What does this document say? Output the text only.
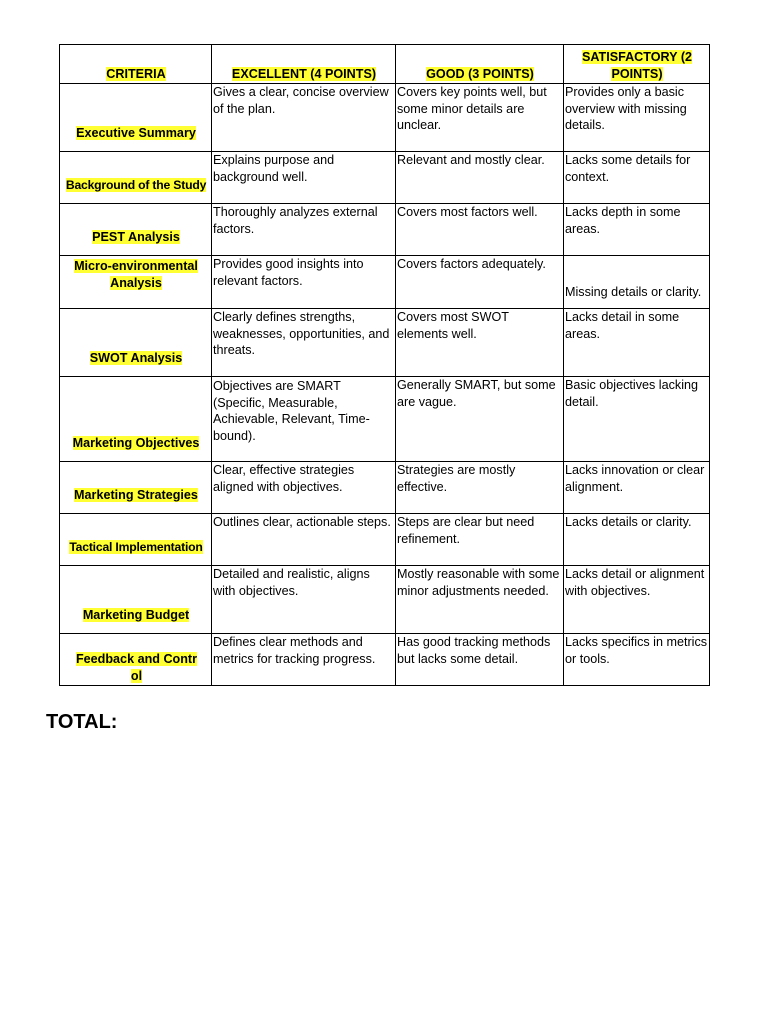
CRITERIA	EXCELLENT (4 POINTS)	GOOD (3 POINTS)	SATISFACTORY (2 POINTS)
Executive Summary	Gives a clear, concise overview of the plan.	Covers key points well, but some minor details are unclear.	Provides only a basic overview with missing details.
Background of the Study	Explains purpose and background well.	Relevant and mostly clear.	Lacks some details for context.
PEST Analysis	Thoroughly analyzes external factors.	Covers most factors well.	Lacks depth in some areas.
Micro-environmental Analysis	Provides good insights into relevant factors.	Covers factors adequately.	Missing details or clarity.
SWOT Analysis	Clearly defines strengths, weaknesses, opportunities, and threats.	Covers most SWOT elements well.	Lacks detail in some areas.
Marketing Objectives	Objectives are SMART (Specific, Measurable, Achievable, Relevant, Time-bound).	Generally SMART, but some are vague.	Basic objectives lacking detail.
Marketing Strategies	Clear, effective strategies aligned with objectives.	Strategies are mostly effective.	Lacks innovation or clear alignment.
Tactical Implementation	Outlines clear, actionable steps.	Steps are clear but need refinement.	Lacks details or clarity.
Marketing Budget	Detailed and realistic, aligns with objectives.	Mostly reasonable with some minor adjustments needed.	Lacks detail or alignment with objectives.
Feedback and Control	Defines clear methods and metrics for tracking progress.	Has good tracking methods but lacks some detail.	Lacks specifics in metrics or tools.

TOTAL:
